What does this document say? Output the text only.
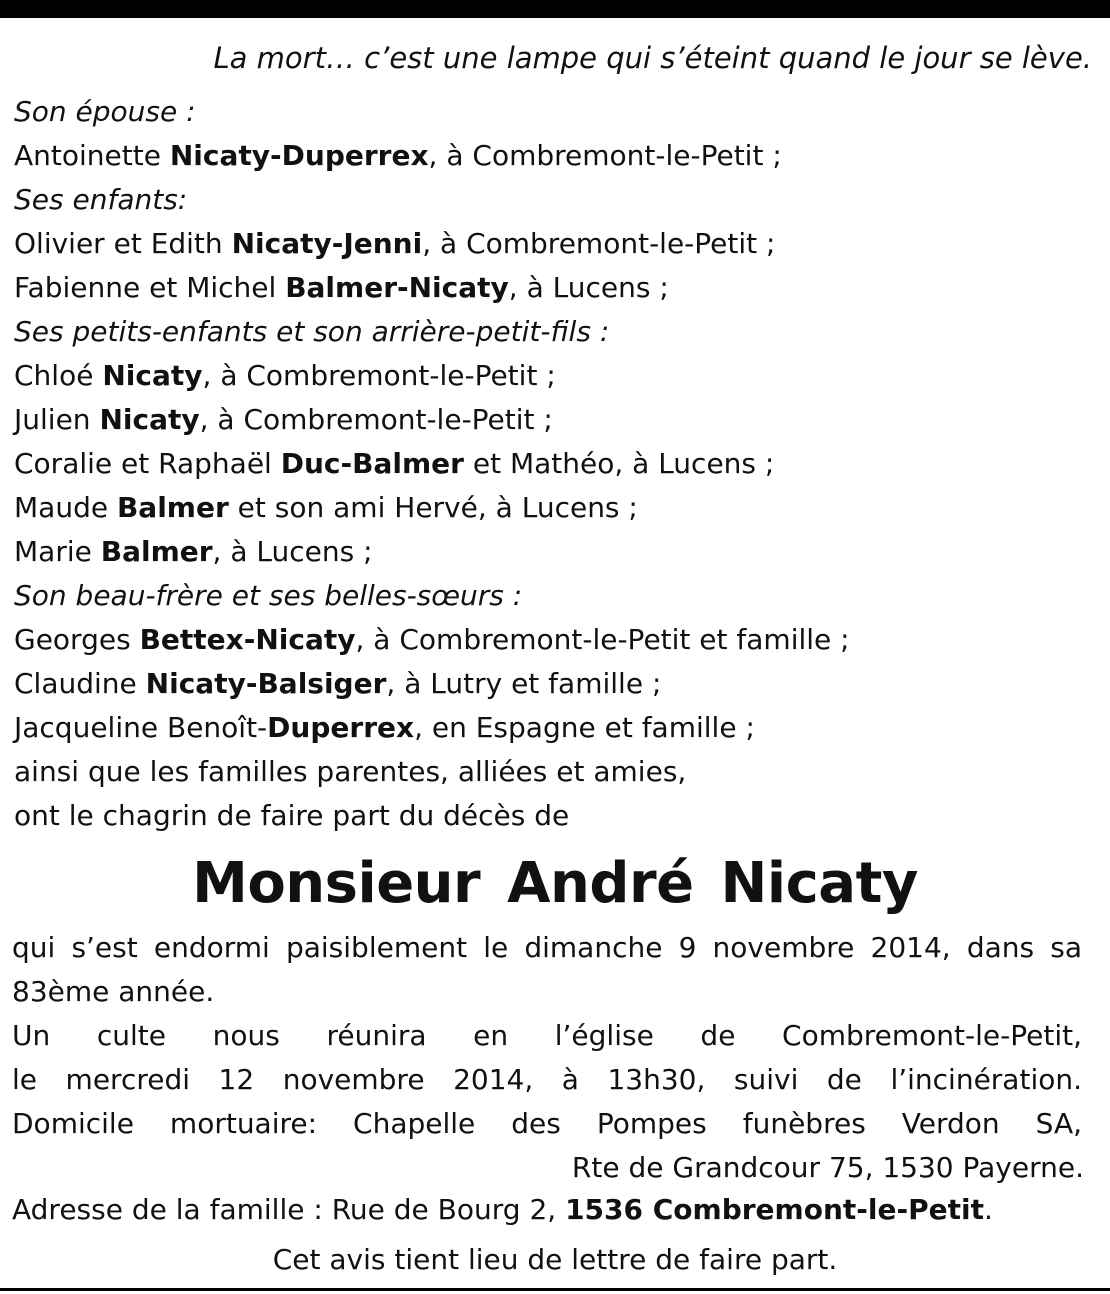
La mort… c’est une lampe qui s’éteint quand le jour se lève.
Son épouse :
Antoinette Nicaty-Duperrex, à Combremont-le-Petit ;
Ses enfants:
Olivier et Edith Nicaty-Jenni, à Combremont-le-Petit ;
Fabienne et Michel Balmer-Nicaty, à Lucens ;
Ses petits-enfants et son arrière-petit-fils :
Chloé Nicaty, à Combremont-le-Petit ;
Julien Nicaty, à Combremont-le-Petit ;
Coralie et Raphaël Duc-Balmer et Mathéo, à Lucens ;
Maude Balmer et son ami Hervé, à Lucens ;
Marie Balmer, à Lucens ;
Son beau-frère et ses belles-sœurs :
Georges Bettex-Nicaty, à Combremont-le-Petit et famille ;
Claudine Nicaty-Balsiger, à Lutry et famille ;
Jacqueline Benoît-Duperrex, en Espagne et famille ;
ainsi que les familles parentes, alliées et amies,
ont le chagrin de faire part du décès de
Monsieur André Nicaty
qui s’est endormi paisiblement le dimanche 9 novembre 2014, dans sa
83ème année.
Un culte nous réunira en l’église de Combremont-le-Petit,
le mercredi 12 novembre 2014, à 13h30, suivi de l’incinération.
Domicile mortuaire: Chapelle des Pompes funèbres Verdon SA,
Rte de Grandcour 75, 1530 Payerne.
Adresse de la famille : Rue de Bourg 2, 1536 Combremont-le-Petit.
Cet avis tient lieu de lettre de faire part.
